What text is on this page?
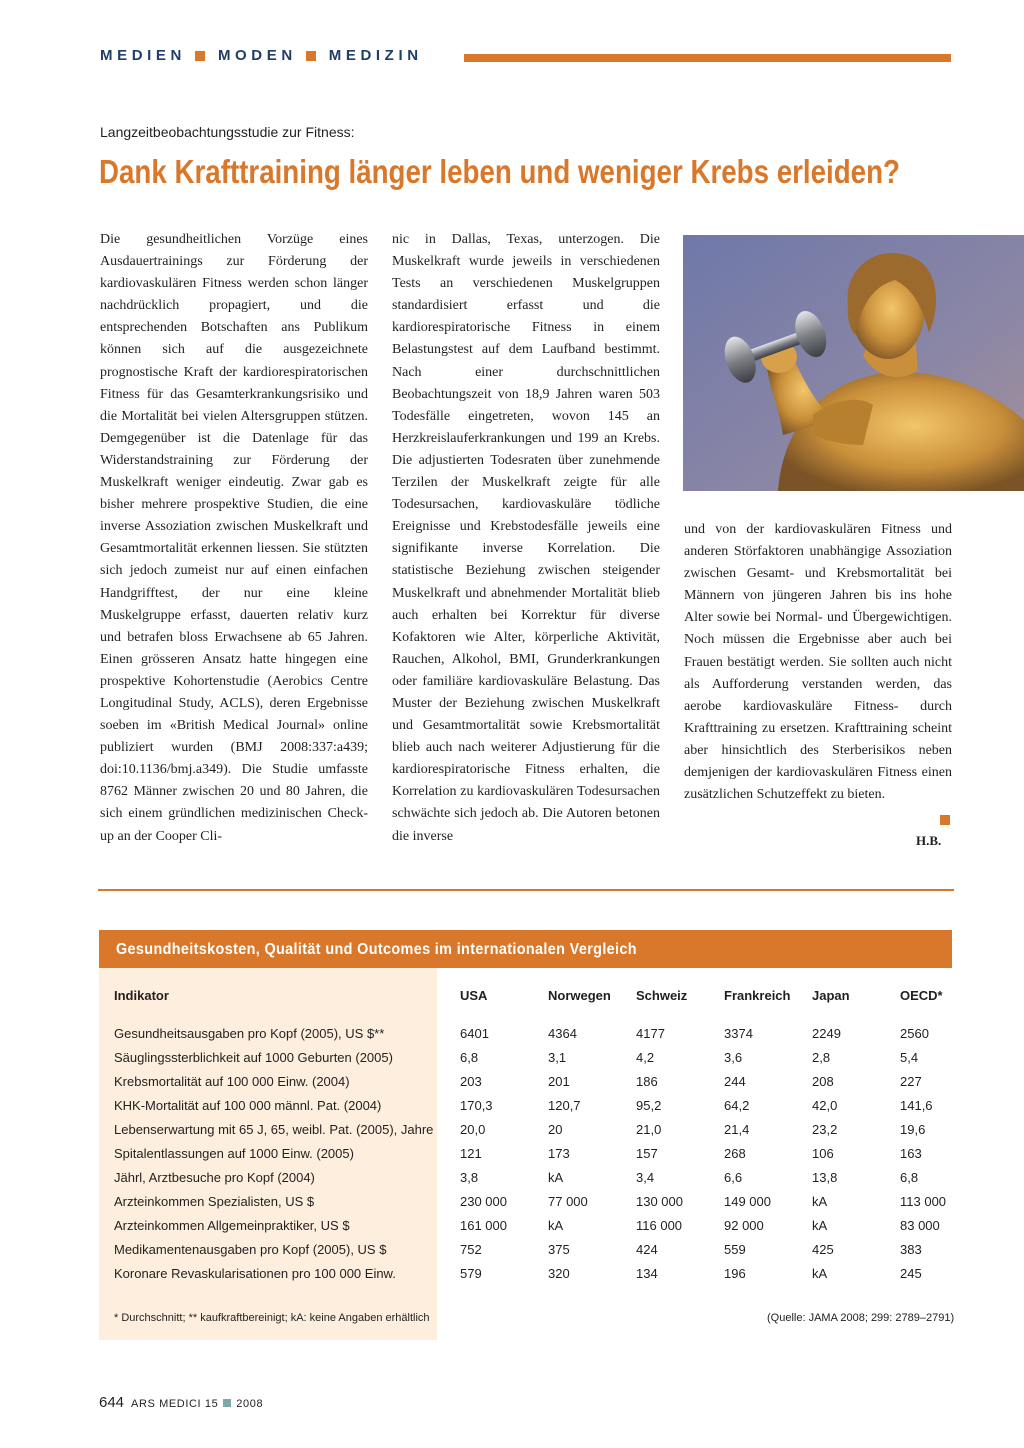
MEDIEN MODEN MEDIZIN
Langzeitbeobachtungsstudie zur Fitness:
Dank Krafttraining länger leben und weniger Krebs erleiden?

Die gesundheitlichen Vorzüge eines Ausdauertrainings zur Förderung der kardiovaskulären Fitness werden schon länger nachdrücklich propagiert, und die entsprechenden Botschaften ans Publikum können sich auf die ausgezeichnete prognostische Kraft der kardiorespiratorischen Fitness für das Gesamterkrankungsrisiko und die Mortalität bei vielen Altersgruppen stützen. Demgegenüber ist die Datenlage für das Widerstandstraining zur Förderung der Muskelkraft weniger eindeutig. Zwar gab es bisher mehrere prospektive Studien, die eine inverse Assoziation zwischen Muskelkraft und Gesamtmortalität erkennen liessen. Sie stützten sich jedoch zumeist nur auf einen einfachen Handgrifftest, der nur eine kleine Muskelgruppe erfasst, dauerten relativ kurz und betrafen bloss Erwachsene ab 65 Jahren. Einen grösseren Ansatz hatte hingegen eine prospektive Kohortenstudie (Aerobics Centre Longitudinal Study, ACLS), deren Ergebnisse soeben im «British Medical Journal» online publiziert wurden (BMJ 2008:337:a439; doi:10.1136/bmj.a349). Die Studie umfasste 8762 Männer zwischen 20 und 80 Jahren, die sich einem gründlichen medizinischen Check-up an der Cooper Cli-

nic in Dallas, Texas, unterzogen. Die Muskelkraft wurde jeweils in verschiedenen Tests an verschiedenen Muskelgruppen standardisiert erfasst und die kardiorespiratorische Fitness in einem Belastungstest auf dem Laufband bestimmt. Nach einer durchschnittlichen Beobachtungszeit von 18,9 Jahren waren 503 Todesfälle eingetreten, wovon 145 an Herzkreislauferkrankungen und 199 an Krebs. Die adjustierten Todesraten über zunehmende Terzilen der Muskelkraft zeigte für alle Todesursachen, kardiovaskuläre tödliche Ereignisse und Krebstodesfälle jeweils eine signifikante inverse Korrelation. Die statistische Beziehung zwischen steigender Muskelkraft und abnehmender Mortalität blieb auch erhalten bei Korrektur für diverse Kofaktoren wie Alter, körperliche Aktivität, Rauchen, Alkohol, BMI, Grunderkrankungen oder familiäre kardiovaskuläre Belastung. Das Muster der Beziehung zwischen Muskelkraft und Gesamtmortalität sowie Krebsmortalität blieb auch nach weiterer Adjustierung für die kardiorespiratorische Fitness erhalten, die Korrelation zu kardiovaskulären Todesursachen schwächte sich jedoch ab. Die Autoren betonen die inverse

und von der kardiovaskulären Fitness und anderen Störfaktoren unabhängige Assoziation zwischen Gesamt- und Krebsmortalität bei Männern von jüngeren Jahren bis ins hohe Alter sowie bei Normal- und Übergewichtigen. Noch müssen die Ergebnisse aber auch bei Frauen bestätigt werden. Sie sollten auch nicht als Aufforderung verstanden werden, das aerobe kardiovaskuläre Fitness- durch Krafttraining zu ersetzen. Krafttraining scheint aber hinsichtlich des Sterberisikos neben demjenigen der kardiovaskulären Fitness einen zusätzlichen Schutzeffekt zu bieten.

H.B.
Gesundheitskosten, Qualität und Outcomes im internationalen Vergleich
Indikator	USA	Norwegen	Schweiz	Frankreich	Japan	OECD*
Gesundheitsausgaben pro Kopf (2005), US $**	6401	4364	4177	3374	2249	2560
Säuglingssterblichkeit auf 1000 Geburten (2005)	6,8	3,1	4,2	3,6	2,8	5,4
Krebsmortalität auf 100 000 Einw. (2004)	203	201	186	244	208	227
KHK-Mortalität auf 100 000 männl. Pat. (2004)	170,3	120,7	95,2	64,2	42,0	141,6
Lebenserwartung mit 65 J, 65, weibl. Pat. (2005), Jahre	20,0	20	21,0	21,4	23,2	19,6
Spitalentlassungen auf 1000 Einw. (2005)	121	173	157	268	106	163
Jährl, Arztbesuche pro Kopf (2004)	3,8	kA	3,4	6,6	13,8	6,8
Arzteinkommen Spezialisten, US $	230 000	77 000	130 000	149 000	kA	113 000
Arzteinkommen Allgemeinpraktiker, US $	161 000	kA	116 000	92 000	kA	83 000
Medikamentenausgaben pro Kopf (2005), US $	752	375	424	559	425	383
Koronare Revaskularisationen pro 100 000 Einw.	579	320	134	196	kA	245
* Durchschnitt; ** kaufkraftbereinigt; kA: keine Angaben erhältlich	(Quelle: JAMA 2008; 299: 2789–2791)
644 ARS MEDICI 15 2008
